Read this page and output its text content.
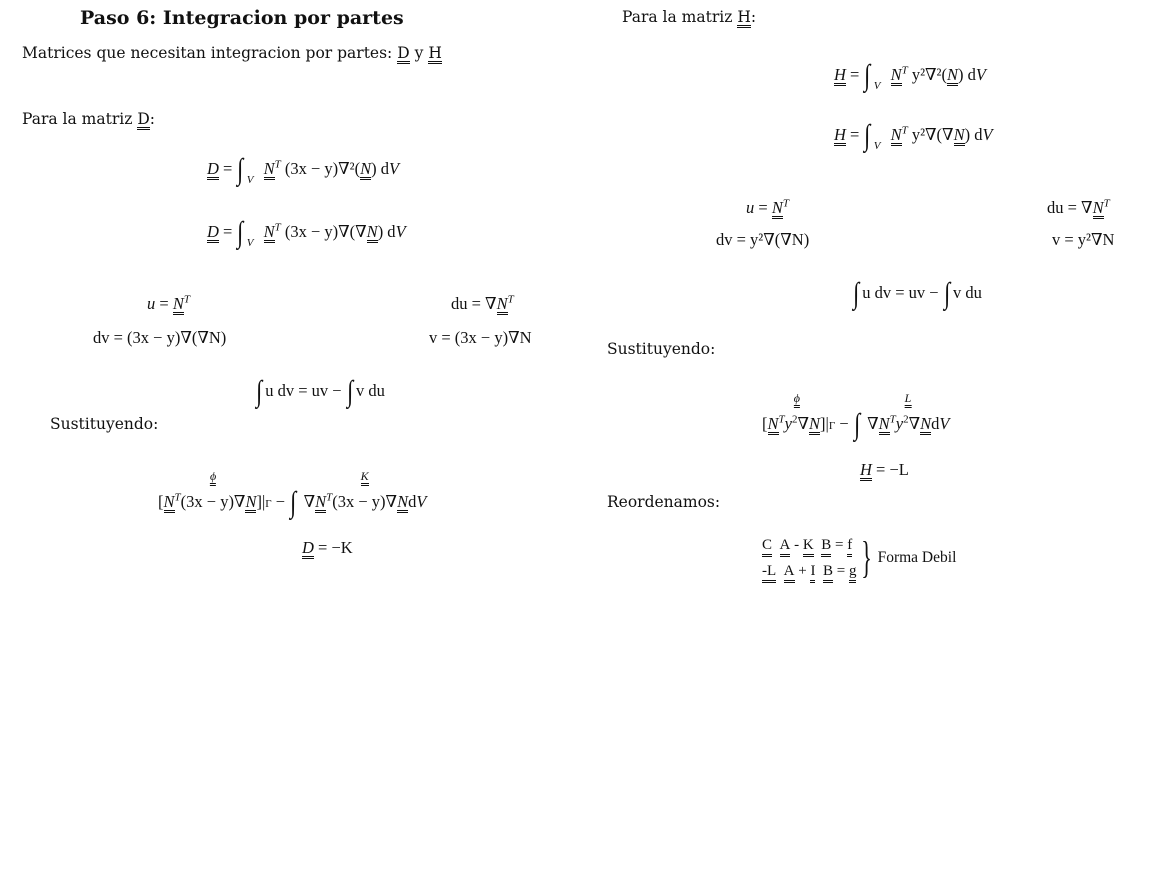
Paso 6: Integracion por partes
Matrices que necesitan integracion por partes: D y H
Para la matriz D:
D = ∫ $_V$ $N^T$ (3x − y)∇²(N) dV
D = ∫ $_V$ $N^T$ (3x − y)∇(∇N) dV
$u = N^T$	du = $\nabla N^T$
dv = (3x − y)∇(∇N)	v = (3x − y)∇N
∫ u dv = uv − ∫ v du
Sustituyendo:
[$N^T$
ϕ
(3x − y)∇N]|Γ − ∫ $\nabla N^T$
K
(3x − y)∇NdV
D = −K
Para la matriz H:
H = ∫ $_V$ $N^T$ y²∇²(N) dV
H = ∫ $_V$ $N^T$ y²∇(∇N) dV
$u = N^T$	du = $\nabla N^T$
dv = y²∇(∇N)	v = y²∇N
∫ u dv = uv − ∫ v du
Sustituyendo:
[$N^T$
ϕ
$y^2\nabla N]|\Gamma$ − ∫ $\nabla N^T$
L
$y^2\nabla NdV$
H = −L
Reordenamos:
C A - K B = f
-L A + I B = g } Forma Debil
